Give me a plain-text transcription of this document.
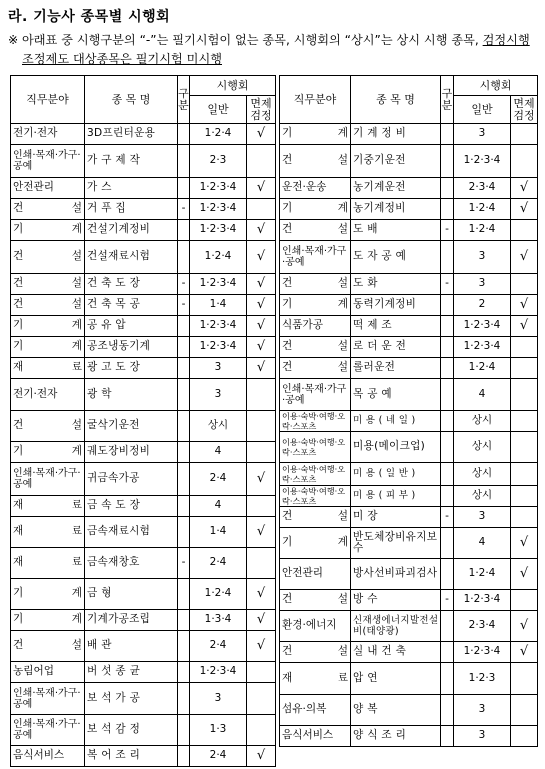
라. 기능사 종목별 시행회
※ 아래표 중 시행구분의 “-”는 필기시험이 없는 종목, 시행회의 “상시”는 상시 시행 종목, 검정시행 조정제도 대상종목은 필기시험 미시행
직무분야	종 목 명	구분	시행회	
			일반	면제검정
전기·전자	3D프린터운용		1·2·4	√
인쇄·목재·가구·공예	가 구 제 작		2·3	
안전관리	가 스		1·2·3·4	√
건 설	거 푸 집	-	1·2·3·4	
기 계	건설기계정비		1·2·3·4	√
건 설	건설재료시험		1·2·4	√
건 설	건 축 도 장	-	1·2·3·4	√
건 설	건 축 목 공	-	1·4	√
기 계	공 유 압		1·2·3·4	√
기 계	공조냉동기계		1·2·3·4	√
재 료	광 고 도 장		3	√
전기·전자	광 학		3	
건 설	굴삭기운전		상시	
기 계	궤도장비정비		4	
인쇄·목재·가구·공예	귀금속가공		2·4	√
재 료	금 속 도 장		4	
재 료	금속재료시험		1·4	√
재 료	금속재창호	-	2·4	
기 계	금 형		1·2·4	√
기 계	기계가공조립		1·3·4	√
건 설	배 관		2·4	√
농림어업	버 섯 종 균		1·2·3·4	
인쇄·목재·가구·공예	보 석 가 공		3	
인쇄·목재·가구·공예	보 석 감 정		1·3	
음식서비스	복 어 조 리		2·4	√
직무분야	종 목 명	구분	시행회	
			일반	면제검정
기 계	기 계 정 비		3	
건 설	기중기운전		1·2·3·4	
운전·운송	농기계운전		2·3·4	√
기 계	농기계정비		1·2·4	√
건 설	도 배	-	1·2·4	
인쇄·목재·가구·공예	도 자 공 예		3	√
건 설	도 화	-	3	
기 계	동력기계정비		2	√
식품가공	떡 제 조		1·2·3·4	√
건 설	로 더 운 전		1·2·3·4	
건 설	롤러운전		1·2·4	
인쇄·목재·가구·공예	목 공 예		4	
이용·숙박·여행·오락·스포츠	미 용 ( 네 일 )		상시	
이용·숙박·여행·오락·스포츠	미용(메이크업)		상시	
이용·숙박·여행·오락·스포츠	미 용 ( 일 반 )		상시	
이용·숙박·여행·오락·스포츠	미 용 ( 피 부 )		상시	
건 설	미 장	-	3	
기 계	반도체장비유지보수		4	√
안전관리	방사선비파괴검사		1·2·4	√
건 설	방 수	-	1·2·3·4	
환경·에너지	신재생에너지발전설비(태양광)		2·3·4	√
건 설	실 내 건 축		1·2·3·4	√
재 료	압 연		1·2·3	
섬유·의복	양 복		3	
음식서비스	양 식 조 리		3	
